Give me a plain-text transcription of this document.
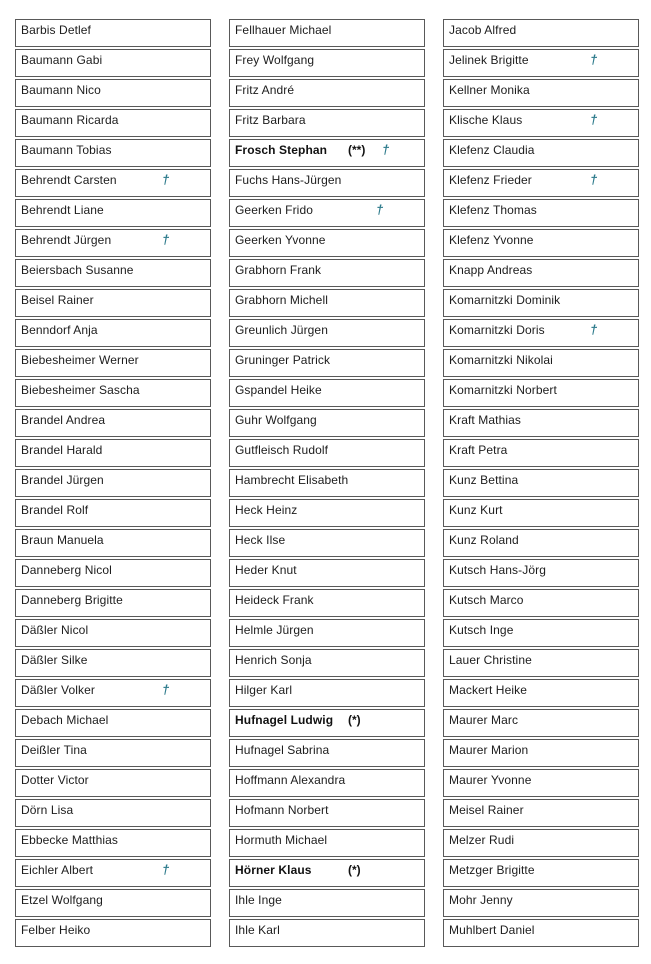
Barbis Detlef
Baumann Gabi
Baumann Nico
Baumann Ricarda
Baumann Tobias
Behrendt Carsten	†
Behrendt Liane
Behrendt Jürgen	†
Beiersbach Susanne
Beisel Rainer
Benndorf Anja
Biebesheimer Werner
Biebesheimer Sascha
Brandel Andrea
Brandel Harald
Brandel Jürgen
Brandel Rolf
Braun Manuela
Danneberg Nicol
Danneberg Brigitte
Däßler Nicol
Däßler Silke
Däßler Volker	†
Debach Michael
Deißler Tina
Dotter Victor
Dörn Lisa
Ebbecke Matthias
Eichler Albert	†
Etzel Wolfgang
Felber Heiko
Fellhauer Michael
Frey Wolfgang
Fritz André
Fritz Barbara
Frosch Stephan (**) †
Fuchs Hans-Jürgen
Geerken Frido	†
Geerken Yvonne
Grabhorn Frank
Grabhorn Michell
Greunlich Jürgen
Gruninger Patrick
Gspandel Heike
Guhr Wolfgang
Gutfleisch Rudolf
Hambrecht Elisabeth
Heck Heinz
Heck Ilse
Heder Knut
Heideck Frank
Helmle Jürgen
Henrich Sonja
Hilger Karl
Hufnagel Ludwig (*)
Hufnagel Sabrina
Hoffmann Alexandra
Hofmann Norbert
Hormuth Michael
Hörner Klaus	(*)
Ihle Inge
Ihle Karl
Jacob Alfred
Jelinek Brigitte	†
Kellner Monika
Klische Klaus	†
Klefenz Claudia
Klefenz Frieder	†
Klefenz Thomas
Klefenz Yvonne
Knapp Andreas
Komarnitzki Dominik
Komarnitzki Doris	†
Komarnitzki Nikolai
Komarnitzki Norbert
Kraft Mathias
Kraft Petra
Kunz Bettina
Kunz Kurt
Kunz Roland
Kutsch Hans-Jörg
Kutsch Marco
Kutsch Inge
Lauer Christine
Mackert Heike
Maurer Marc
Maurer Marion
Maurer Yvonne
Meisel Rainer
Melzer Rudi
Metzger Brigitte
Mohr Jenny
Muhlbert Daniel
